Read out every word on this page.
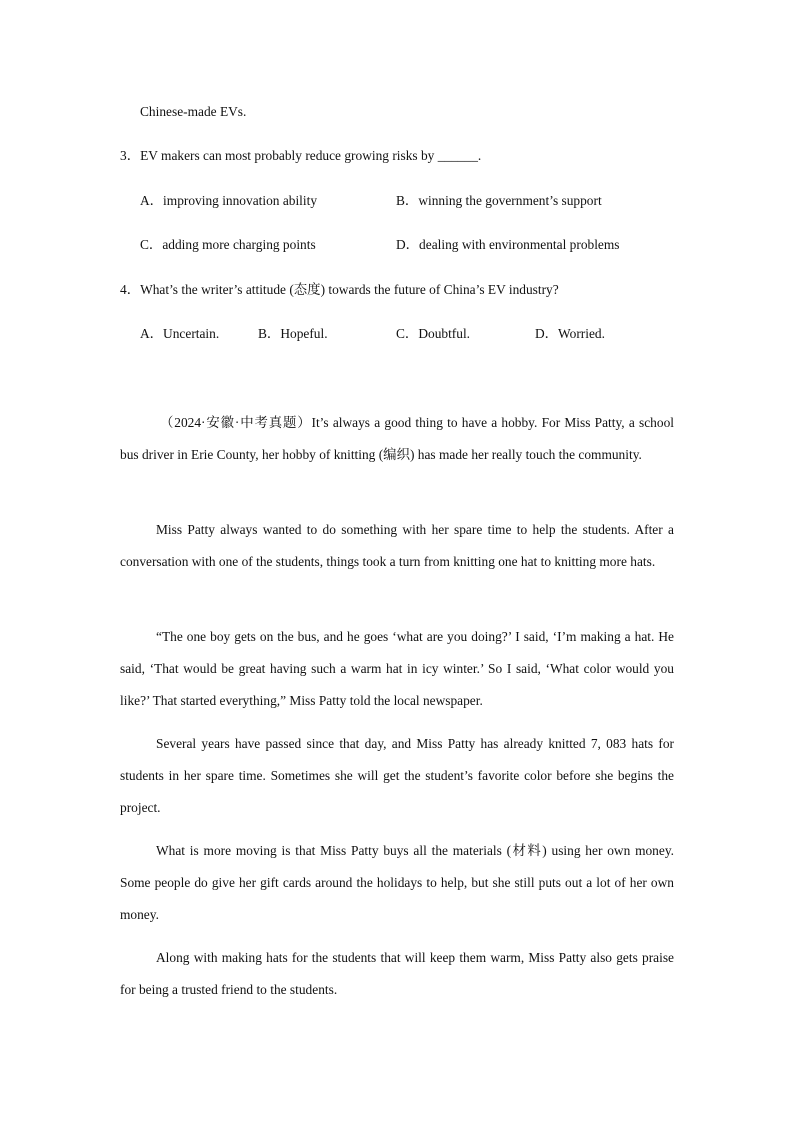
Chinese-made EVs.
3．EV makers can most probably reduce growing risks by ______.
A．improving innovation ability	B．winning the government’s support
C．adding more charging points	D．dealing with environmental problems
4．What’s the writer’s attitude (态度) towards the future of China’s EV industry?
A．Uncertain.	B．Hopeful.	C．Doubtful.	D．Worried.
（2024·安徽·中考真题）It’s always a good thing to have a hobby. For Miss Patty, a school bus driver in Erie County, her hobby of knitting (编织) has made her really touch the community.
Miss Patty always wanted to do something with her spare time to help the students. After a conversation with one of the students, things took a turn from knitting one hat to knitting more hats.
“The one boy gets on the bus, and he goes ‘what are you doing?’ I said, ‘I’m making a hat. He said, ‘That would be great having such a warm hat in icy winter.’ So I said, ‘What color would you like?’ That started everything,” Miss Patty told the local newspaper.
Several years have passed since that day, and Miss Patty has already knitted 7, 083 hats for students in her spare time. Sometimes she will get the student’s favorite color before she begins the project.
What is more moving is that Miss Patty buys all the materials (材料) using her own money. Some people do give her gift cards around the holidays to help, but she still puts out a lot of her own money.
Along with making hats for the students that will keep them warm, Miss Patty also gets praise for being a trusted friend to the students.
